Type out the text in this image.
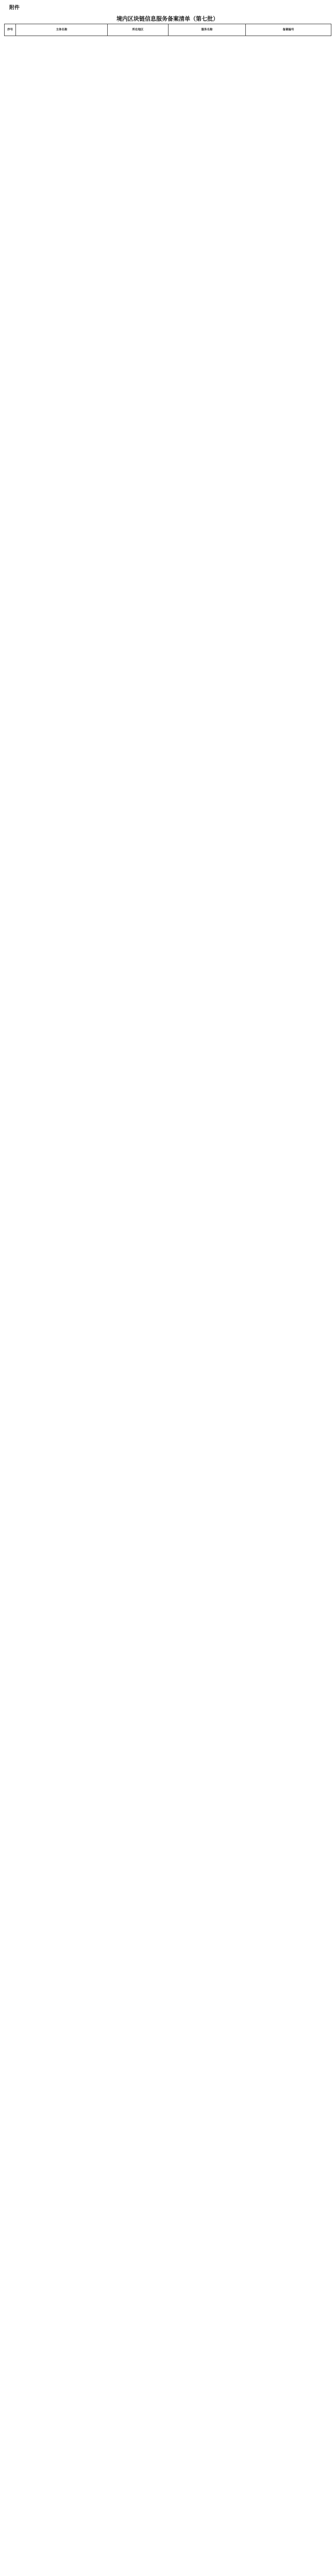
附件
境内区块链信息服务备案清单（第七批）
序号	主体名称	所在地区	服务名称	备案编号
